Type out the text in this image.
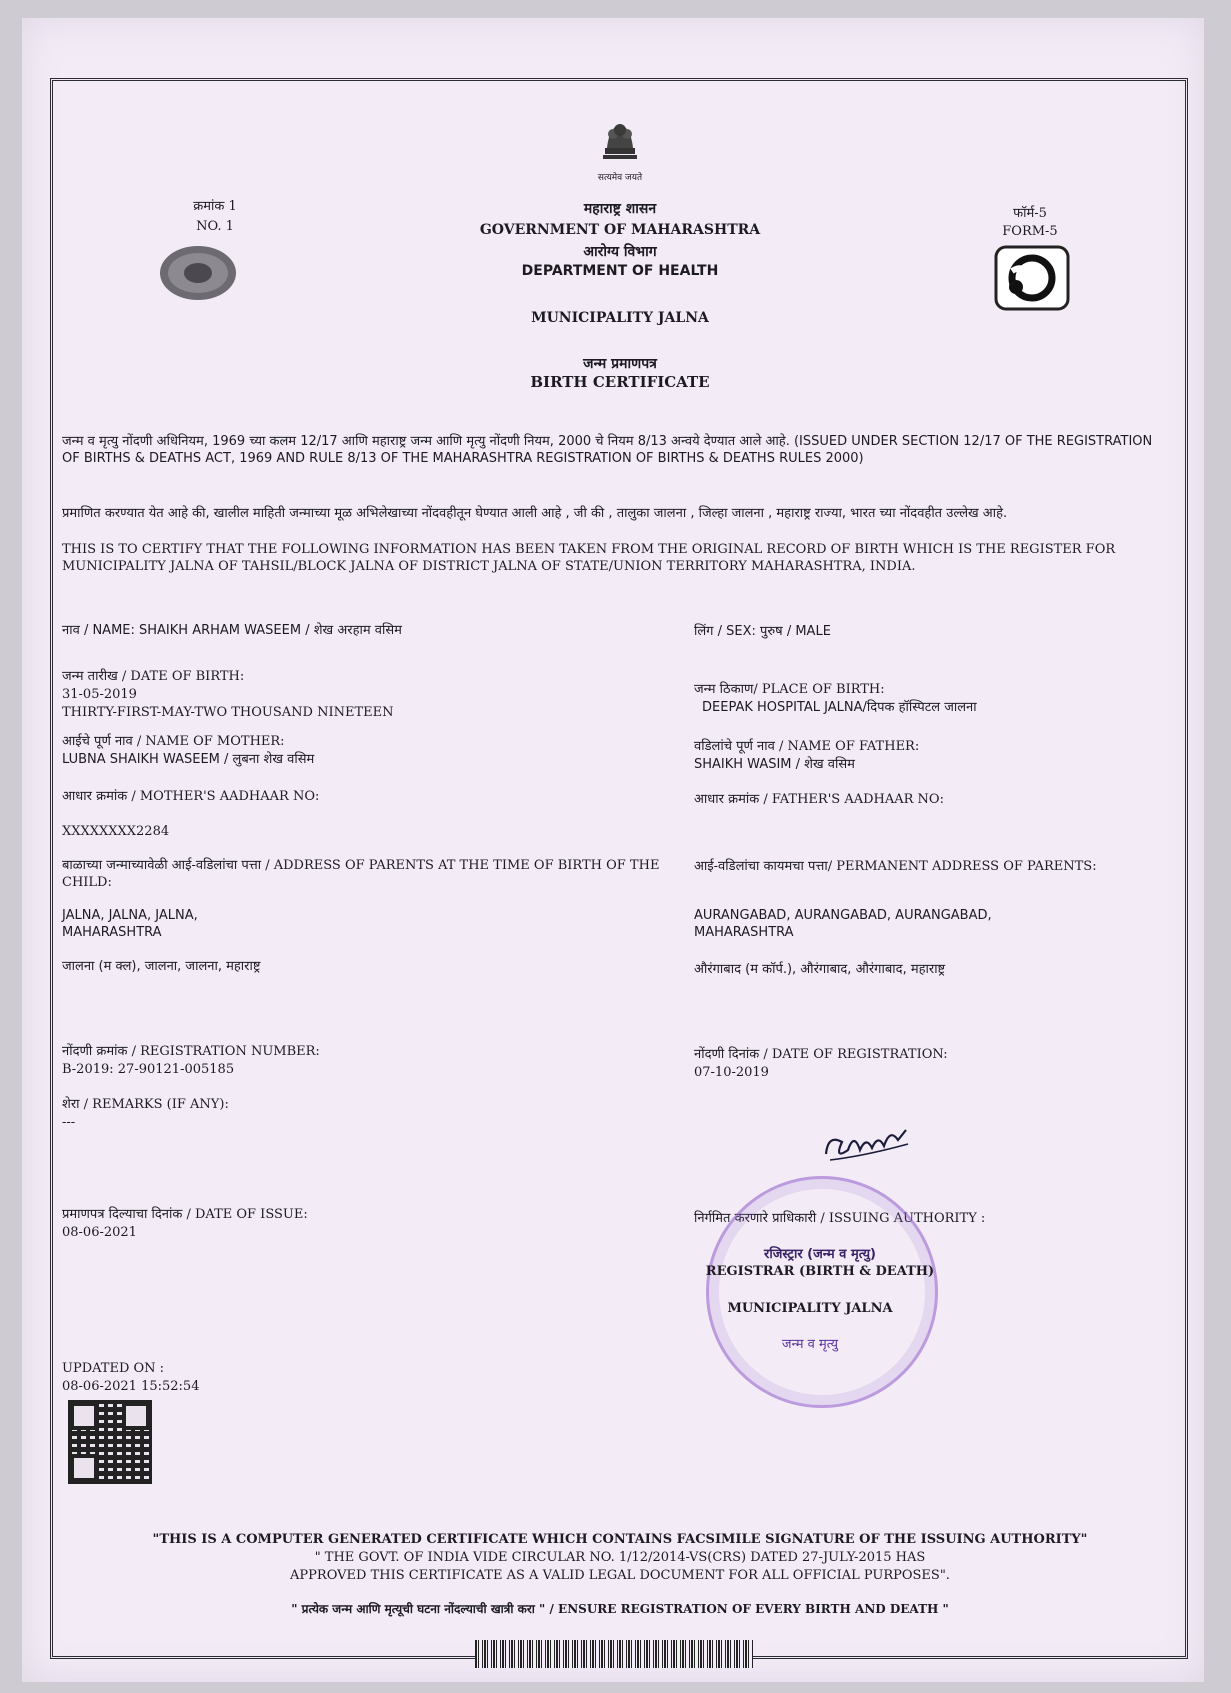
सत्यमेव जयते
महाराष्ट्र शासन
GOVERNMENT OF MAHARASHTRA
आरोग्य विभाग
DEPARTMENT OF HEALTH
MUNICIPALITY JALNA
जन्म प्रमाणपत्र
BIRTH CERTIFICATE
क्रमांक 1
NO. 1
फॉर्म-5
FORM-5
जन्म व मृत्यु नोंदणी अधिनियम, 1969 च्या कलम 12/17 आणि महाराष्ट्र जन्म आणि मृत्यु नोंदणी नियम, 2000 चे नियम 8/13 अन्वये देण्यात आले आहे. (ISSUED UNDER SECTION 12/17 OF THE REGISTRATION OF BIRTHS & DEATHS ACT, 1969 AND RULE 8/13 OF THE MAHARASHTRA REGISTRATION OF BIRTHS & DEATHS RULES 2000)
प्रमाणित करण्यात येत आहे की, खालील माहिती जन्माच्या मूळ अभिलेखाच्या नोंदवहीतून घेण्यात आली आहे , जी की , तालुका जालना , जिल्हा जालना , महाराष्ट्र राज्या, भारत च्या नोंदवहीत उल्लेख आहे.
THIS IS TO CERTIFY THAT THE FOLLOWING INFORMATION HAS BEEN TAKEN FROM THE ORIGINAL RECORD OF BIRTH WHICH IS THE REGISTER FOR MUNICIPALITY JALNA OF TAHSIL/BLOCK JALNA OF DISTRICT JALNA OF STATE/UNION TERRITORY MAHARASHTRA, INDIA.
नाव / NAME: SHAIKH ARHAM WASEEM / शेख अरहाम वसिम
जन्म तारीख / DATE OF BIRTH:
31-05-2019
THIRTY-FIRST-MAY-TWO THOUSAND NINETEEN
आईचे पूर्ण नाव / NAME OF MOTHER:
LUBNA SHAIKH WASEEM / लुबना शेख वसिम
आधार क्रमांक / MOTHER'S AADHAAR NO:
XXXXXXXX2284
बाळाच्या जन्माच्यावेळी आई-वडिलांचा पत्ता / ADDRESS OF PARENTS AT THE TIME OF BIRTH OF THE CHILD:
JALNA, JALNA, JALNA, MAHARASHTRA
जालना (म क्ल), जालना, जालना, महाराष्ट्र
नोंदणी क्रमांक / REGISTRATION NUMBER:
B-2019: 27-90121-005185
शेरा / REMARKS (IF ANY):
---
प्रमाणपत्र दिल्याचा दिनांक / DATE OF ISSUE:
08-06-2021
लिंग / SEX: पुरुष / MALE
जन्म ठिकाण/ PLACE OF BIRTH:
DEEPAK HOSPITAL JALNA/दिपक हॉस्पिटल जालना
वडिलांचे पूर्ण नाव / NAME OF FATHER:
SHAIKH WASIM / शेख वसिम
आधार क्रमांक / FATHER'S AADHAAR NO:
आई-वडिलांचा कायमचा पत्ता/ PERMANENT ADDRESS OF PARENTS:
AURANGABAD, AURANGABAD, AURANGABAD, MAHARASHTRA
औरंगाबाद (म कॉर्प.), औरंगाबाद, औरंगाबाद, महाराष्ट्र
नोंदणी दिनांक / DATE OF REGISTRATION:
07-10-2019
निर्गमित करणारे प्राधिकारी / ISSUING AUTHORITY :
रजिस्ट्रार (जन्म व मृत्यु)
REGISTRAR (BIRTH & DEATH)
MUNICIPALITY JALNA
जन्म व मृत्यु
UPDATED ON :
08-06-2021 15:52:54
"THIS IS A COMPUTER GENERATED CERTIFICATE WHICH CONTAINS FACSIMILE SIGNATURE OF THE ISSUING AUTHORITY"
" THE GOVT. OF INDIA VIDE CIRCULAR NO. 1/12/2014-VS(CRS) DATED 27-JULY-2015 HAS
APPROVED THIS CERTIFICATE AS A VALID LEGAL DOCUMENT FOR ALL OFFICIAL PURPOSES".
" प्रत्येक जन्म आणि मृत्यूची घटना नोंदल्याची खात्री करा " / ENSURE REGISTRATION OF EVERY BIRTH AND DEATH "
